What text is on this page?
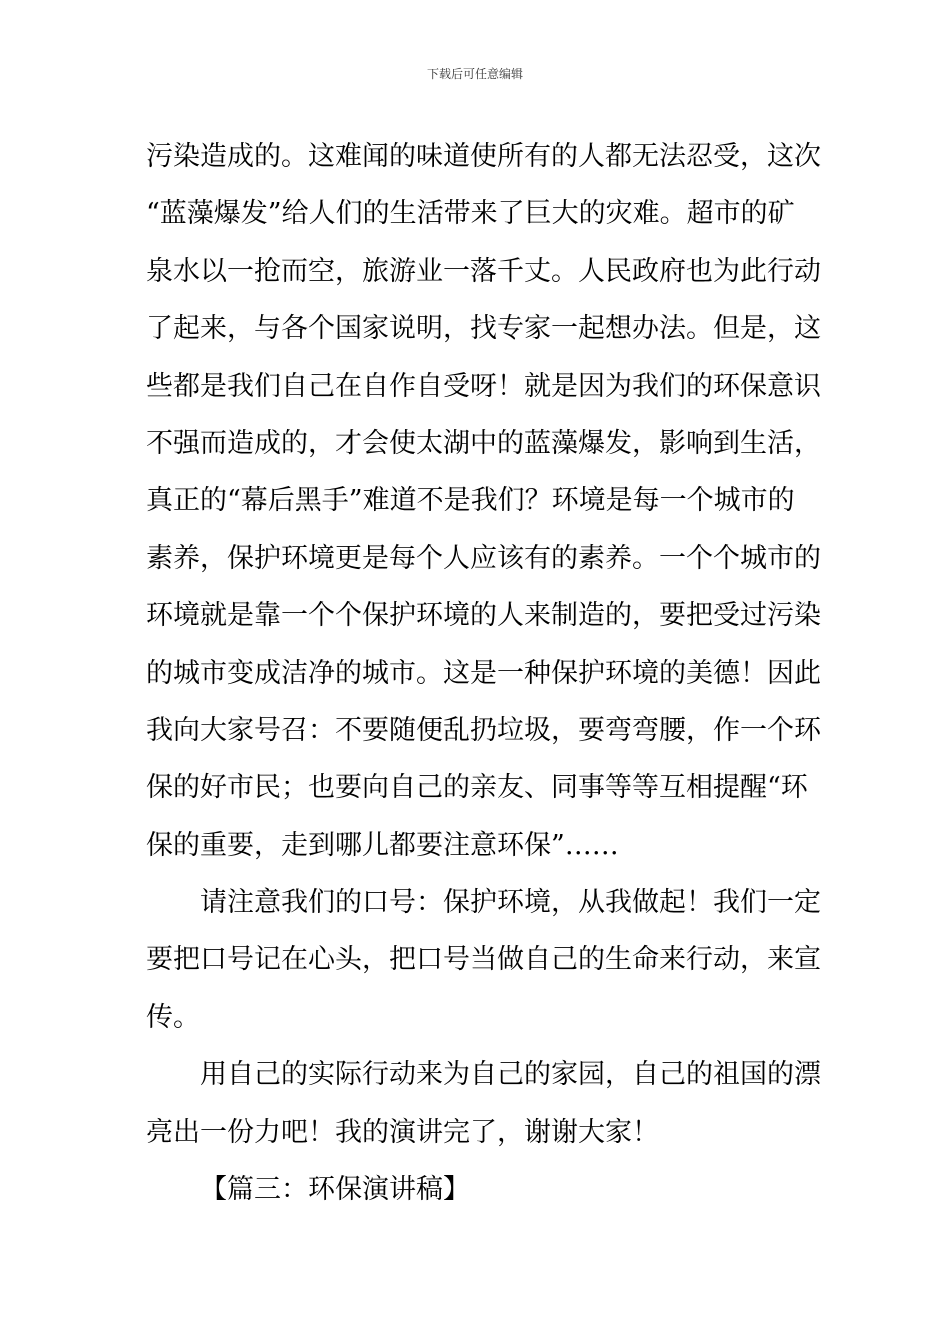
下载后可任意编辑
污染造成的。这难闻的味道使所有的人都无法忍受，这次
“蓝藻爆发”给人们的生活带来了巨大的灾难。超市的矿
泉水以一抢而空，旅游业一落千丈。人民政府也为此行动
了起来，与各个国家说明，找专家一起想办法。但是，这
些都是我们自己在自作自受呀！就是因为我们的环保意识
不强而造成的，才会使太湖中的蓝藻爆发，影响到生活，
真正的“幕后黑手”难道不是我们？环境是每一个城市的
素养，保护环境更是每个人应该有的素养。一个个城市的
环境就是靠一个个保护环境的人来制造的，要把受过污染
的城市变成洁净的城市。这是一种保护环境的美德！因此
我向大家号召：不要随便乱扔垃圾，要弯弯腰，作一个环
保的好市民；也要向自己的亲友、同事等等互相提醒“环
保的重要，走到哪儿都要注意环保”……
请注意我们的口号：保护环境，从我做起！我们一定
要把口号记在心头，把口号当做自己的生命来行动，来宣
传。
用自己的实际行动来为自己的家园，自己的祖国的漂
亮出一份力吧！我的演讲完了，谢谢大家！
【篇三：环保演讲稿】
